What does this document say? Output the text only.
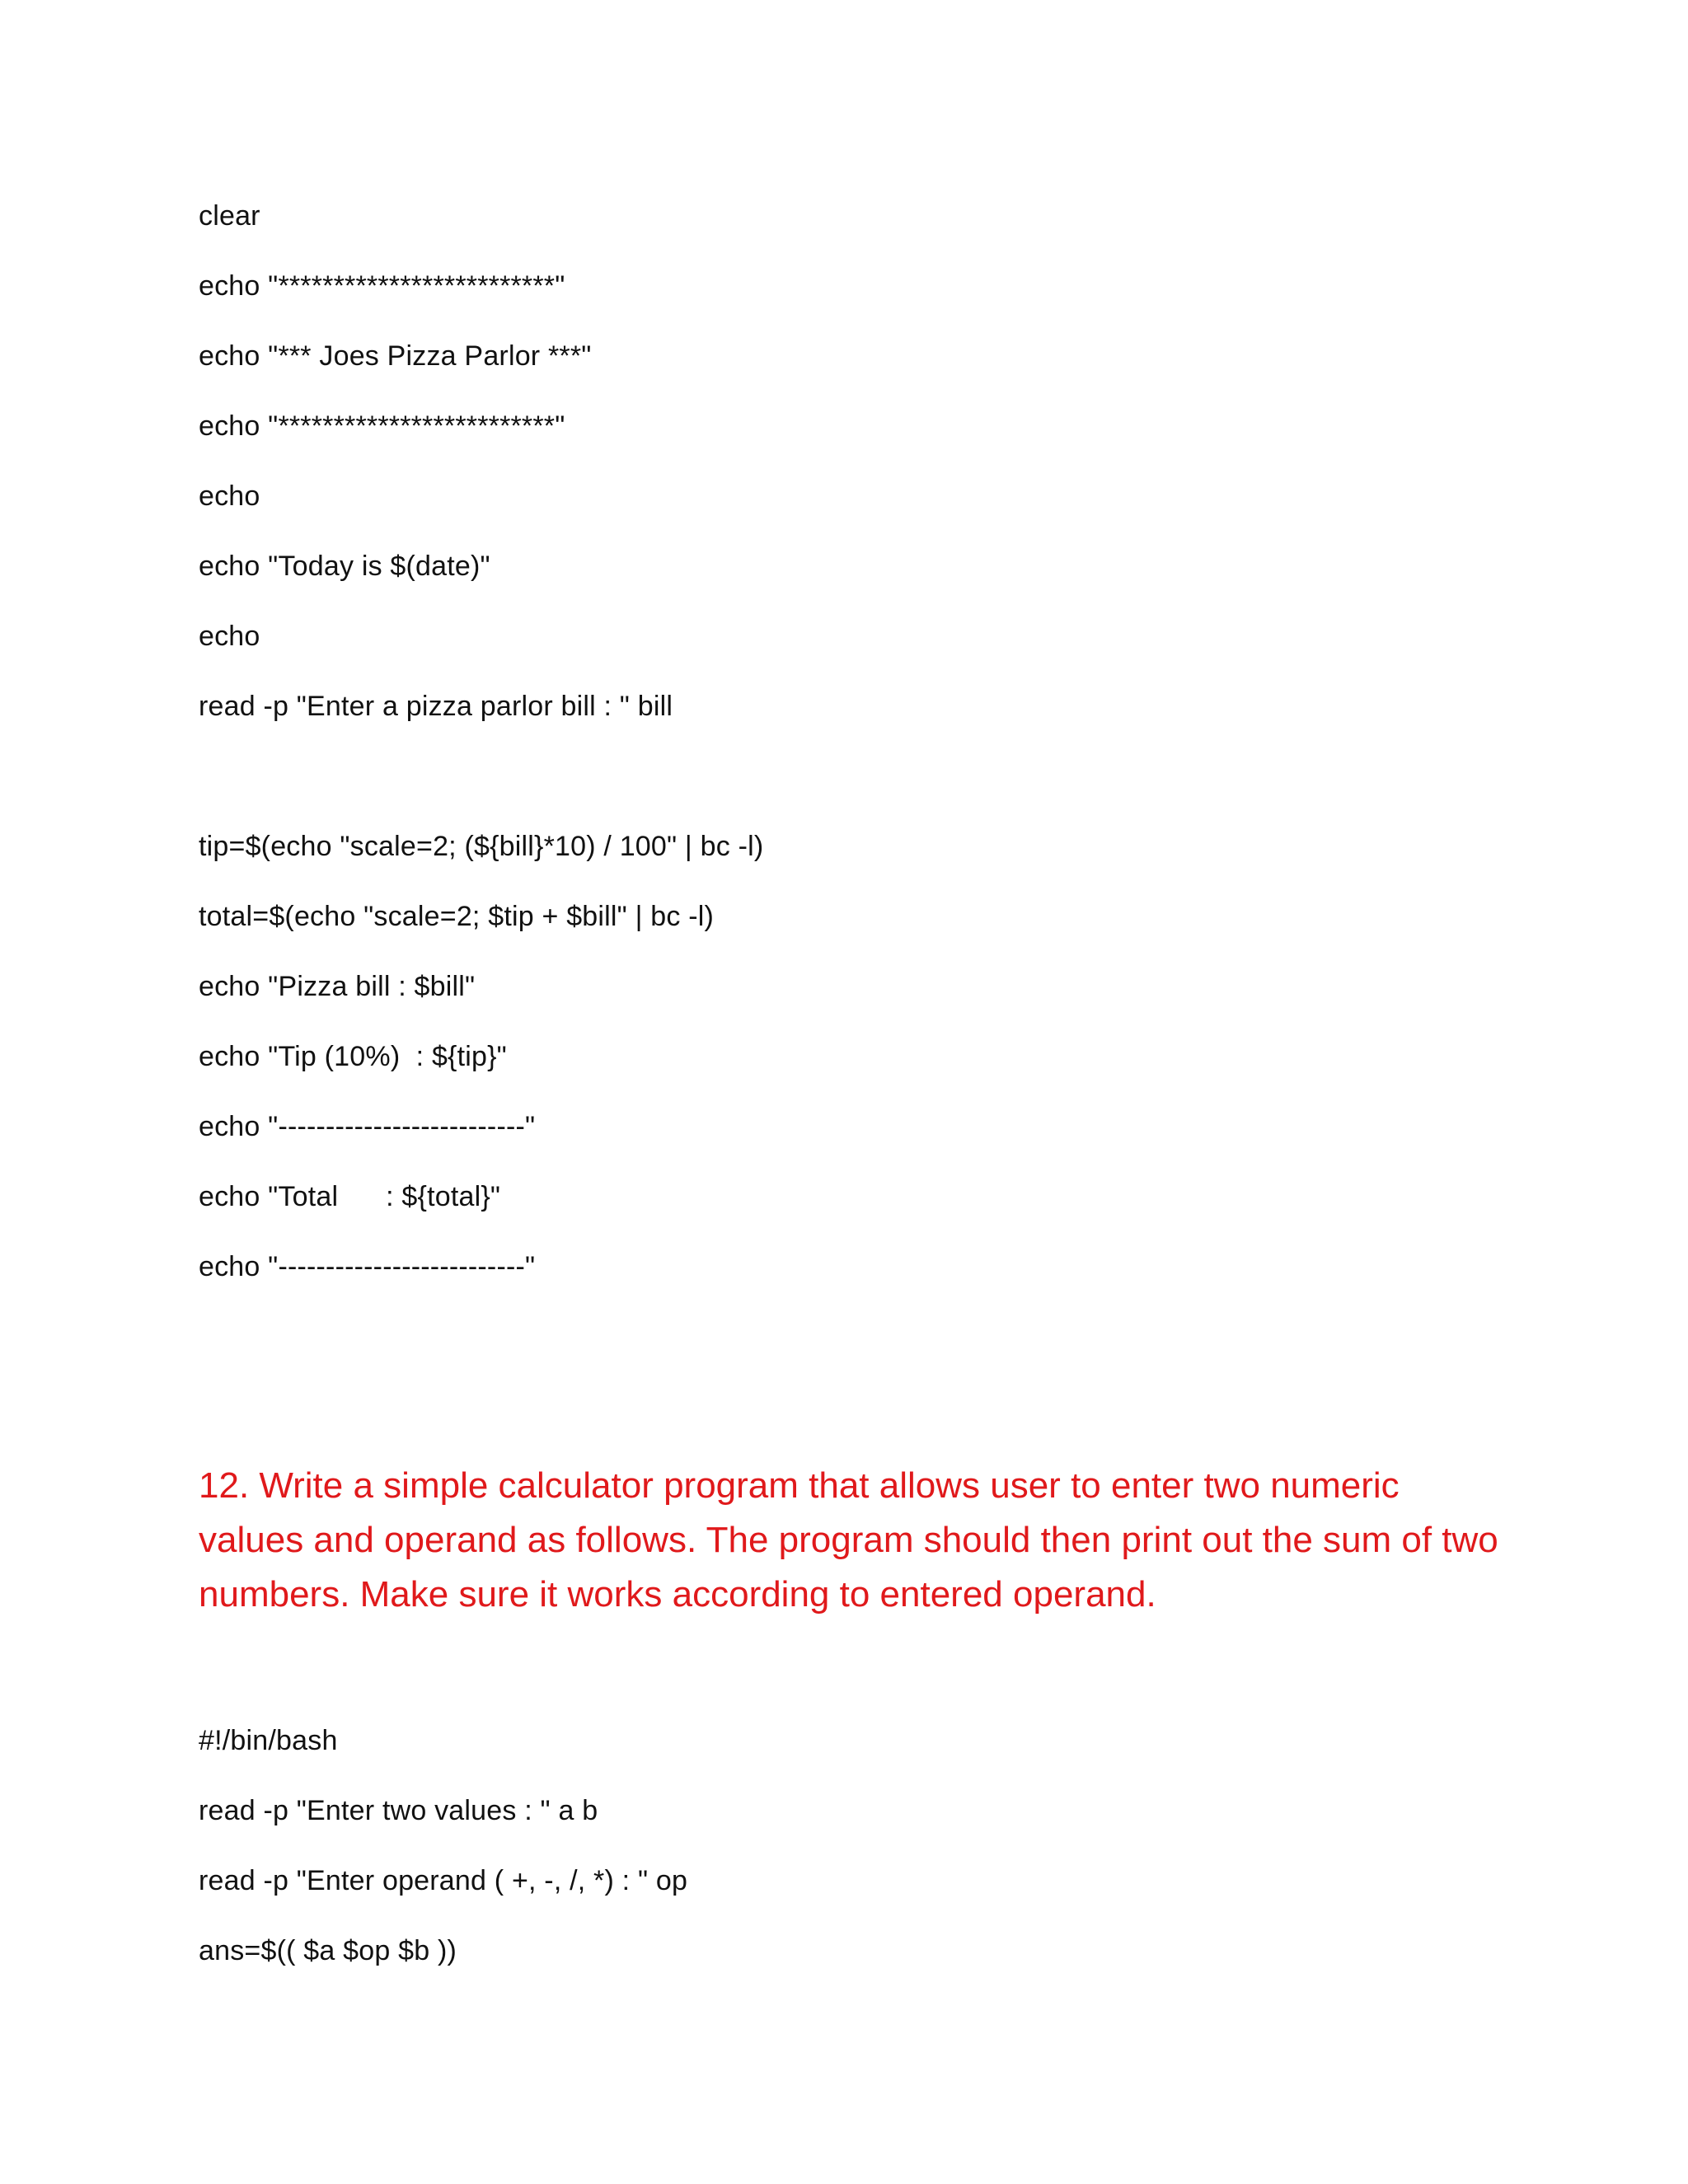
clear
echo "*************************"
echo "*** Joes Pizza Parlor ***"
echo "*************************"
echo
echo "Today is $(date)"
echo
read -p "Enter a pizza parlor bill : " bill
tip=$(echo "scale=2; (${bill}*10) / 100" | bc -l)
total=$(echo "scale=2; $tip + $bill" | bc -l)
echo "Pizza bill : $bill"
echo "Tip (10%)  : ${tip}"
echo "--------------------------"
echo "Total      : ${total}"
echo "--------------------------"
12. Write a simple calculator program that allows user to enter two numeric
values and operand as follows. The program should then print out the sum of two
numbers. Make sure it works according to entered operand.
#!/bin/bash
read -p "Enter two values : " a b
read -p "Enter operand ( +, -, /, *) : " op
ans=$(( $a $op $b ))
